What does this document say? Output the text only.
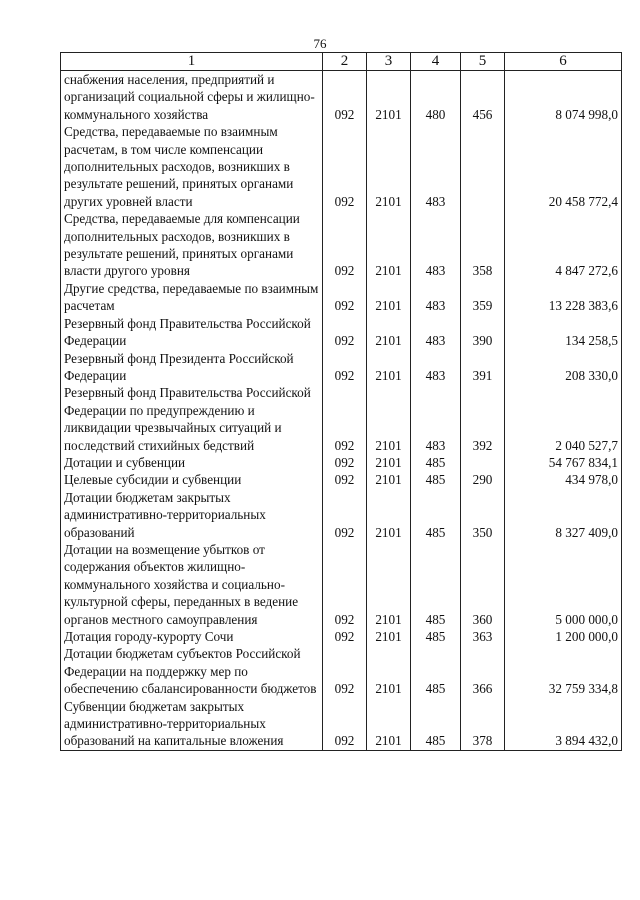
76
1	2	3	4	5	6
снабжения населения, предприятий и организаций социальной сферы и жилищно-коммунального хозяйства	092	2101	480	456	8 074 998,0
Средства, передаваемые по взаимным расчетам, в том числе компенсации дополнительных расходов, возникших в результате решений, принятых органами других уровней власти	092	2101	483		20 458 772,4
Средства, передаваемые для компенсации дополнительных расходов, возникших в результате решений, принятых органами власти другого уровня	092	2101	483	358	4 847 272,6
Другие средства, передаваемые по взаимным расчетам	092	2101	483	359	13 228 383,6
Резервный фонд Правительства Российской Федерации	092	2101	483	390	134 258,5
Резервный фонд Президента Российской Федерации	092	2101	483	391	208 330,0
Резервный фонд Правительства Российской Федерации по предупреждению и ликвидации чрезвычайных ситуаций и последствий стихийных бедствий	092	2101	483	392	2 040 527,7
Дотации и субвенции	092	2101	485		54 767 834,1
Целевые субсидии и субвенции	092	2101	485	290	434 978,0
Дотации бюджетам закрытых административно-территориальных образований	092	2101	485	350	8 327 409,0
Дотации на возмещение убытков от содержания объектов жилищно-коммунального хозяйства и социально-культурной сферы, переданных в ведение органов местного самоуправления	092	2101	485	360	5 000 000,0
Дотация городу-курорту Сочи	092	2101	485	363	1 200 000,0
Дотации бюджетам субъектов Российской Федерации на поддержку мер по обеспечению сбалансированности бюджетов	092	2101	485	366	32 759 334,8
Субвенции бюджетам закрытых административно-территориальных образований на капитальные вложения	092	2101	485	378	3 894 432,0
